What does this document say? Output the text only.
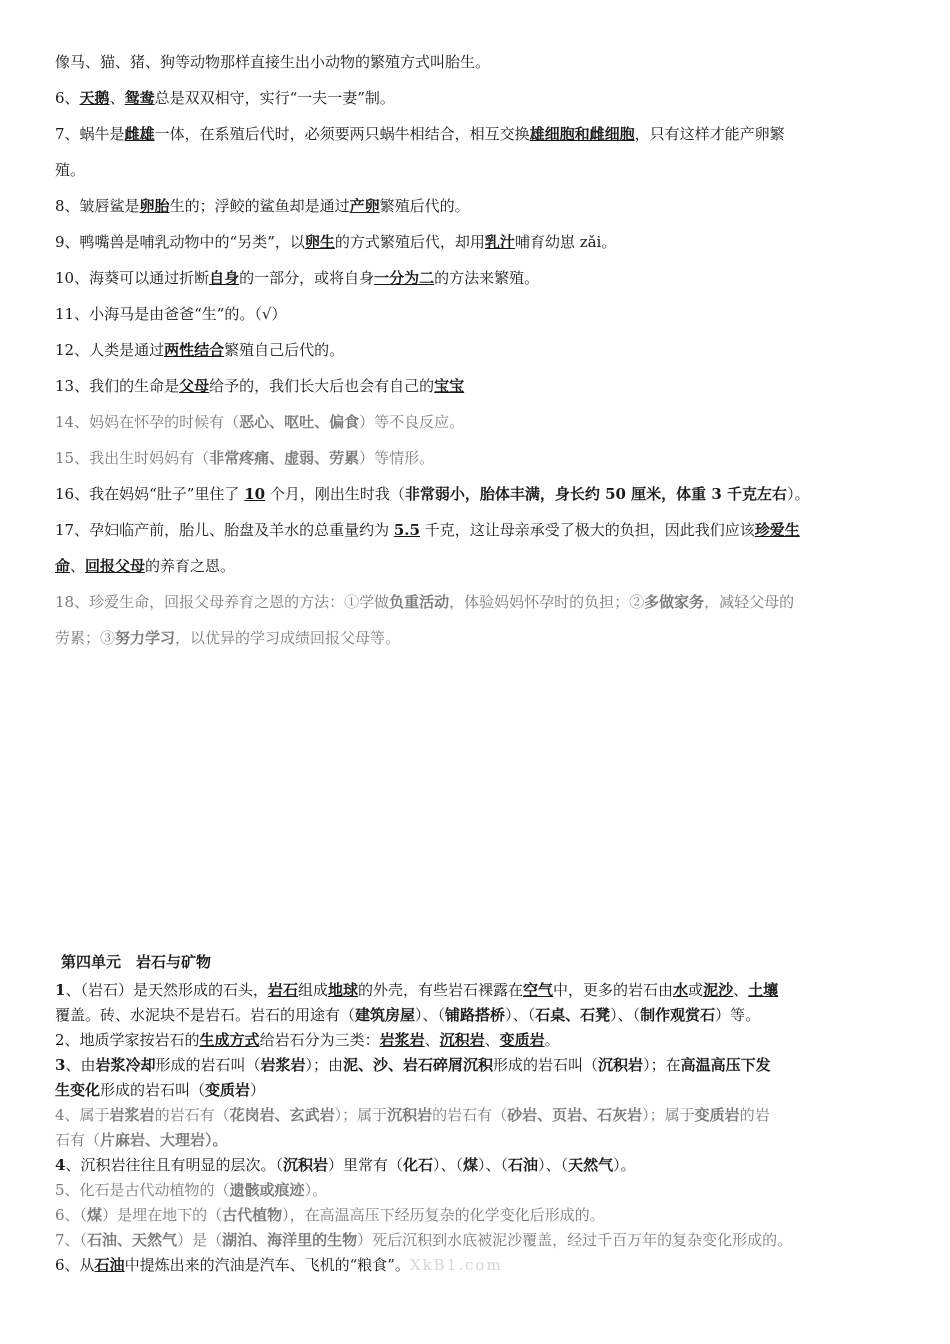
像马、猫、猪、狗等动物那样直接生出小动物的繁殖方式叫胎生。
6、天鹅、鸳鸯总是双双相守，实行“一夫一妻”制。
7、蜗牛是雌雄一体，在系殖后代时，必须要两只蜗牛相结合，相互交换雄细胞和雌细胞，只有这样才能产卵繁
殖。
8、皱唇鲨是卵胎生的；浮鲛的鲨鱼却是通过产卵繁殖后代的。
9、鸭嘴兽是哺乳动物中的“另类”，以卵生的方式繁殖后代，却用乳汁哺育幼崽 zǎi。
10、海葵可以通过折断自身的一部分，或将自身一分为二的方法来繁殖。
11、小海马是由爸爸“生”的。（√）
12、人类是通过两性结合繁殖自己后代的。
13、我们的生命是父母给予的，我们长大后也会有自己的宝宝
14、妈妈在怀孕的时候有（恶心、呕吐、偏食）等不良反应。
15、我出生时妈妈有（非常疼痛、虚弱、劳累）等情形。
16、我在妈妈“肚子”里住了 10 个月，刚出生时我（非常弱小，胎体丰满，身长约 50 厘米，体重 3 千克左右）。
17、孕妇临产前，胎儿、胎盘及羊水的总重量约为 5.5 千克，这让母亲承受了极大的负担，因此我们应该珍爱生
命、回报父母的养育之恩。
18、珍爱生命，回报父母养育之恩的方法：①学做负重活动，体验妈妈怀孕时的负担；②多做家务，减轻父母的
劳累；③努力学习，以优异的学习成绩回报父母等。
第四单元　岩石与矿物
1、（岩石）是天然形成的石头，岩石组成地球的外壳，有些岩石裸露在空气中，更多的岩石由水或泥沙、土壤
覆盖。砖、水泥块不是岩石。岩石的用途有（建筑房屋）、（铺路搭桥）、（石桌、石凳）、（制作观赏石）等。
2、地质学家按岩石的生成方式给岩石分为三类：岩浆岩、沉积岩、变质岩。
3、由岩浆冷却形成的岩石叫（岩浆岩）；由泥、沙、岩石碎屑沉积形成的岩石叫（沉积岩）；在高温高压下发
生变化形成的岩石叫（变质岩）
4、属于岩浆岩的岩石有（花岗岩、玄武岩）；属于沉积岩的岩石有（砂岩、页岩、石灰岩）；属于变质岩的岩
石有（片麻岩、大理岩）。
4、沉积岩往往且有明显的层次。（沉积岩）里常有（化石）、（煤）、（石油）、（天然气）。
5、化石是古代动植物的（遗骸或痕迹）。
6、（煤）是埋在地下的（古代植物），在高温高压下经历复杂的化学变化后形成的。
7、（石油、天然气）是（湖泊、海洋里的生物）死后沉积到水底被泥沙覆盖，经过千百万年的复杂变化形成的。
6、从石油中提炼出来的汽油是汽车、飞机的“粮食”。XkB1.com
